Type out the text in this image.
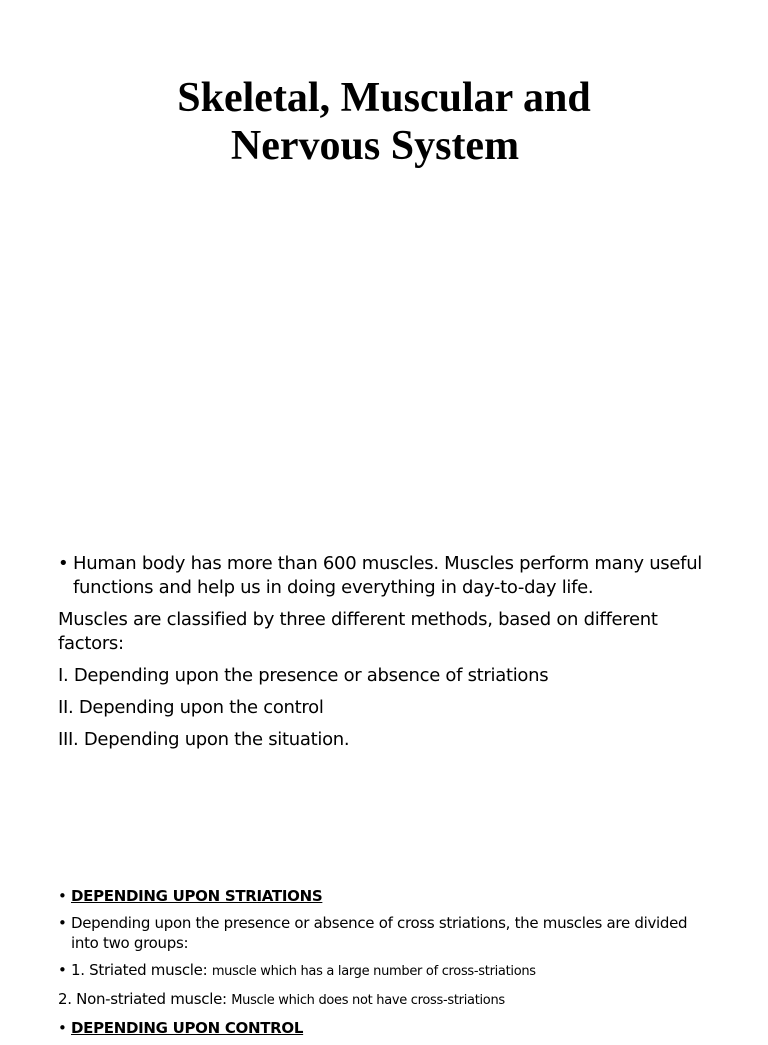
Skeletal, Muscular and
Nervous System

• Human body has more than 600 muscles. Muscles perform many useful functions and help us in doing everything in day-to-day life.

Muscles are classified by three different methods, based on different factors:

I. Depending upon the presence or absence of striations

II. Depending upon the control

III. Depending upon the situation.

• DEPENDING UPON STRIATIONS

• Depending upon the presence or absence of cross striations, the muscles are divided into two groups:

• 1. Striated muscle: muscle which has a large number of cross-striations

2. Non-striated muscle: Muscle which does not have cross-striations

• DEPENDING UPON CONTROL
